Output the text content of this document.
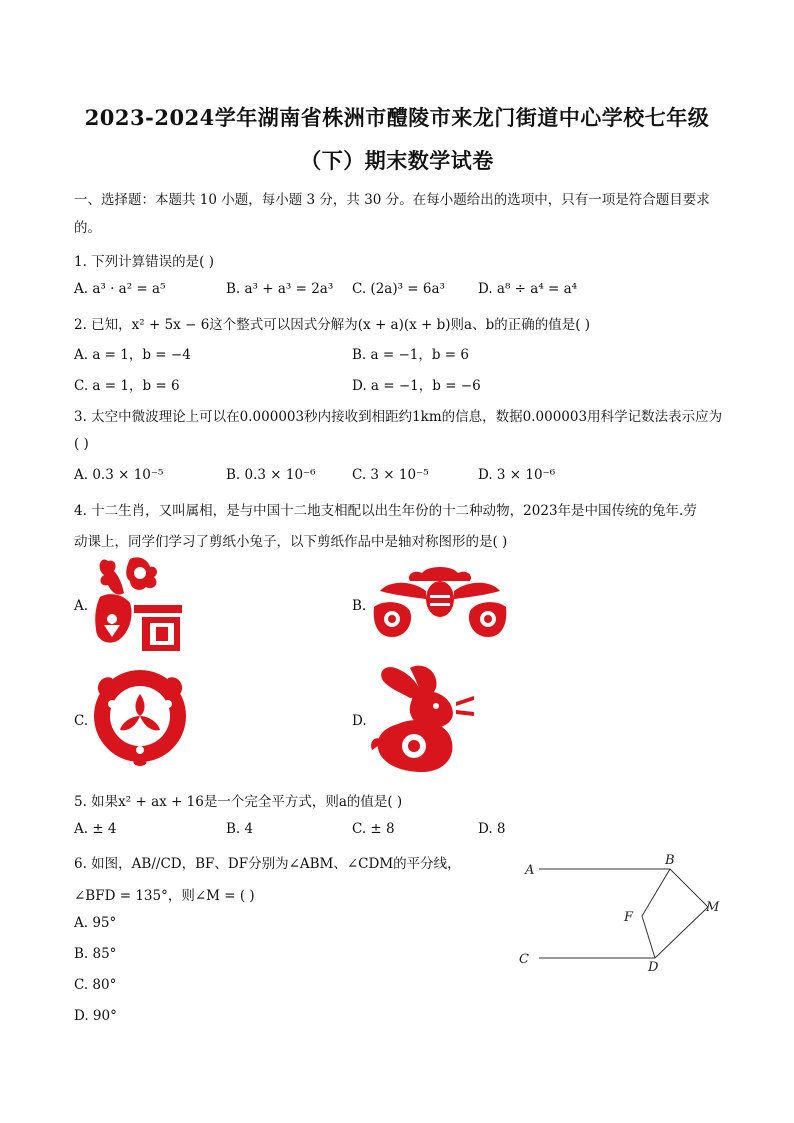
2023-2024学年湖南省株洲市醴陵市来龙门街道中心学校七年级
（下）期末数学试卷
一、选择题：本题共 10 小题，每小题 3 分，共 30 分。在每小题给出的选项中，只有一项是符合题目要求
的。
1. 下列计算错误的是( )
A. a³ · a² = a⁵	B. a³ + a³ = 2a³ C. (2a)³ = 6a³ D. a⁸ ÷ a⁴ = a⁴
2. 已知，x² + 5x − 6这个整式可以因式分解为(x + a)(x + b)则a、b的正确的值是( )
A. a = 1，b = −4	B. a = −1，b = 6
C. a = 1，b = 6	D. a = −1，b = −6
3. 太空中微波理论上可以在0.000003秒内接收到相距约1km的信息，数据0.000003用科学记数法表示应为
( )
A. 0.3 × 10⁻⁵	B. 0.3 × 10⁻⁶	C. 3 × 10⁻⁵	D. 3 × 10⁻⁶
4. 十二生肖，又叫属相，是与中国十二地支相配以出生年份的十二种动物，2023年是中国传统的兔年.劳
动课上，同学们学习了剪纸小兔子，以下剪纸作品中是轴对称图形的是( )
A.	B.
C.	D.
5. 如果x² + ax + 16是一个完全平方式，则a的值是( )
A. ± 4	B. 4	C. ± 8	D. 8
6. 如图，AB//CD，BF、DF分别为∠ABM、∠CDM的平分线，
∠BFD = 135°，则∠M = ( )
A. 95°
B. 85°
C. 80°
D. 90°
A
B
C
D
F
M
